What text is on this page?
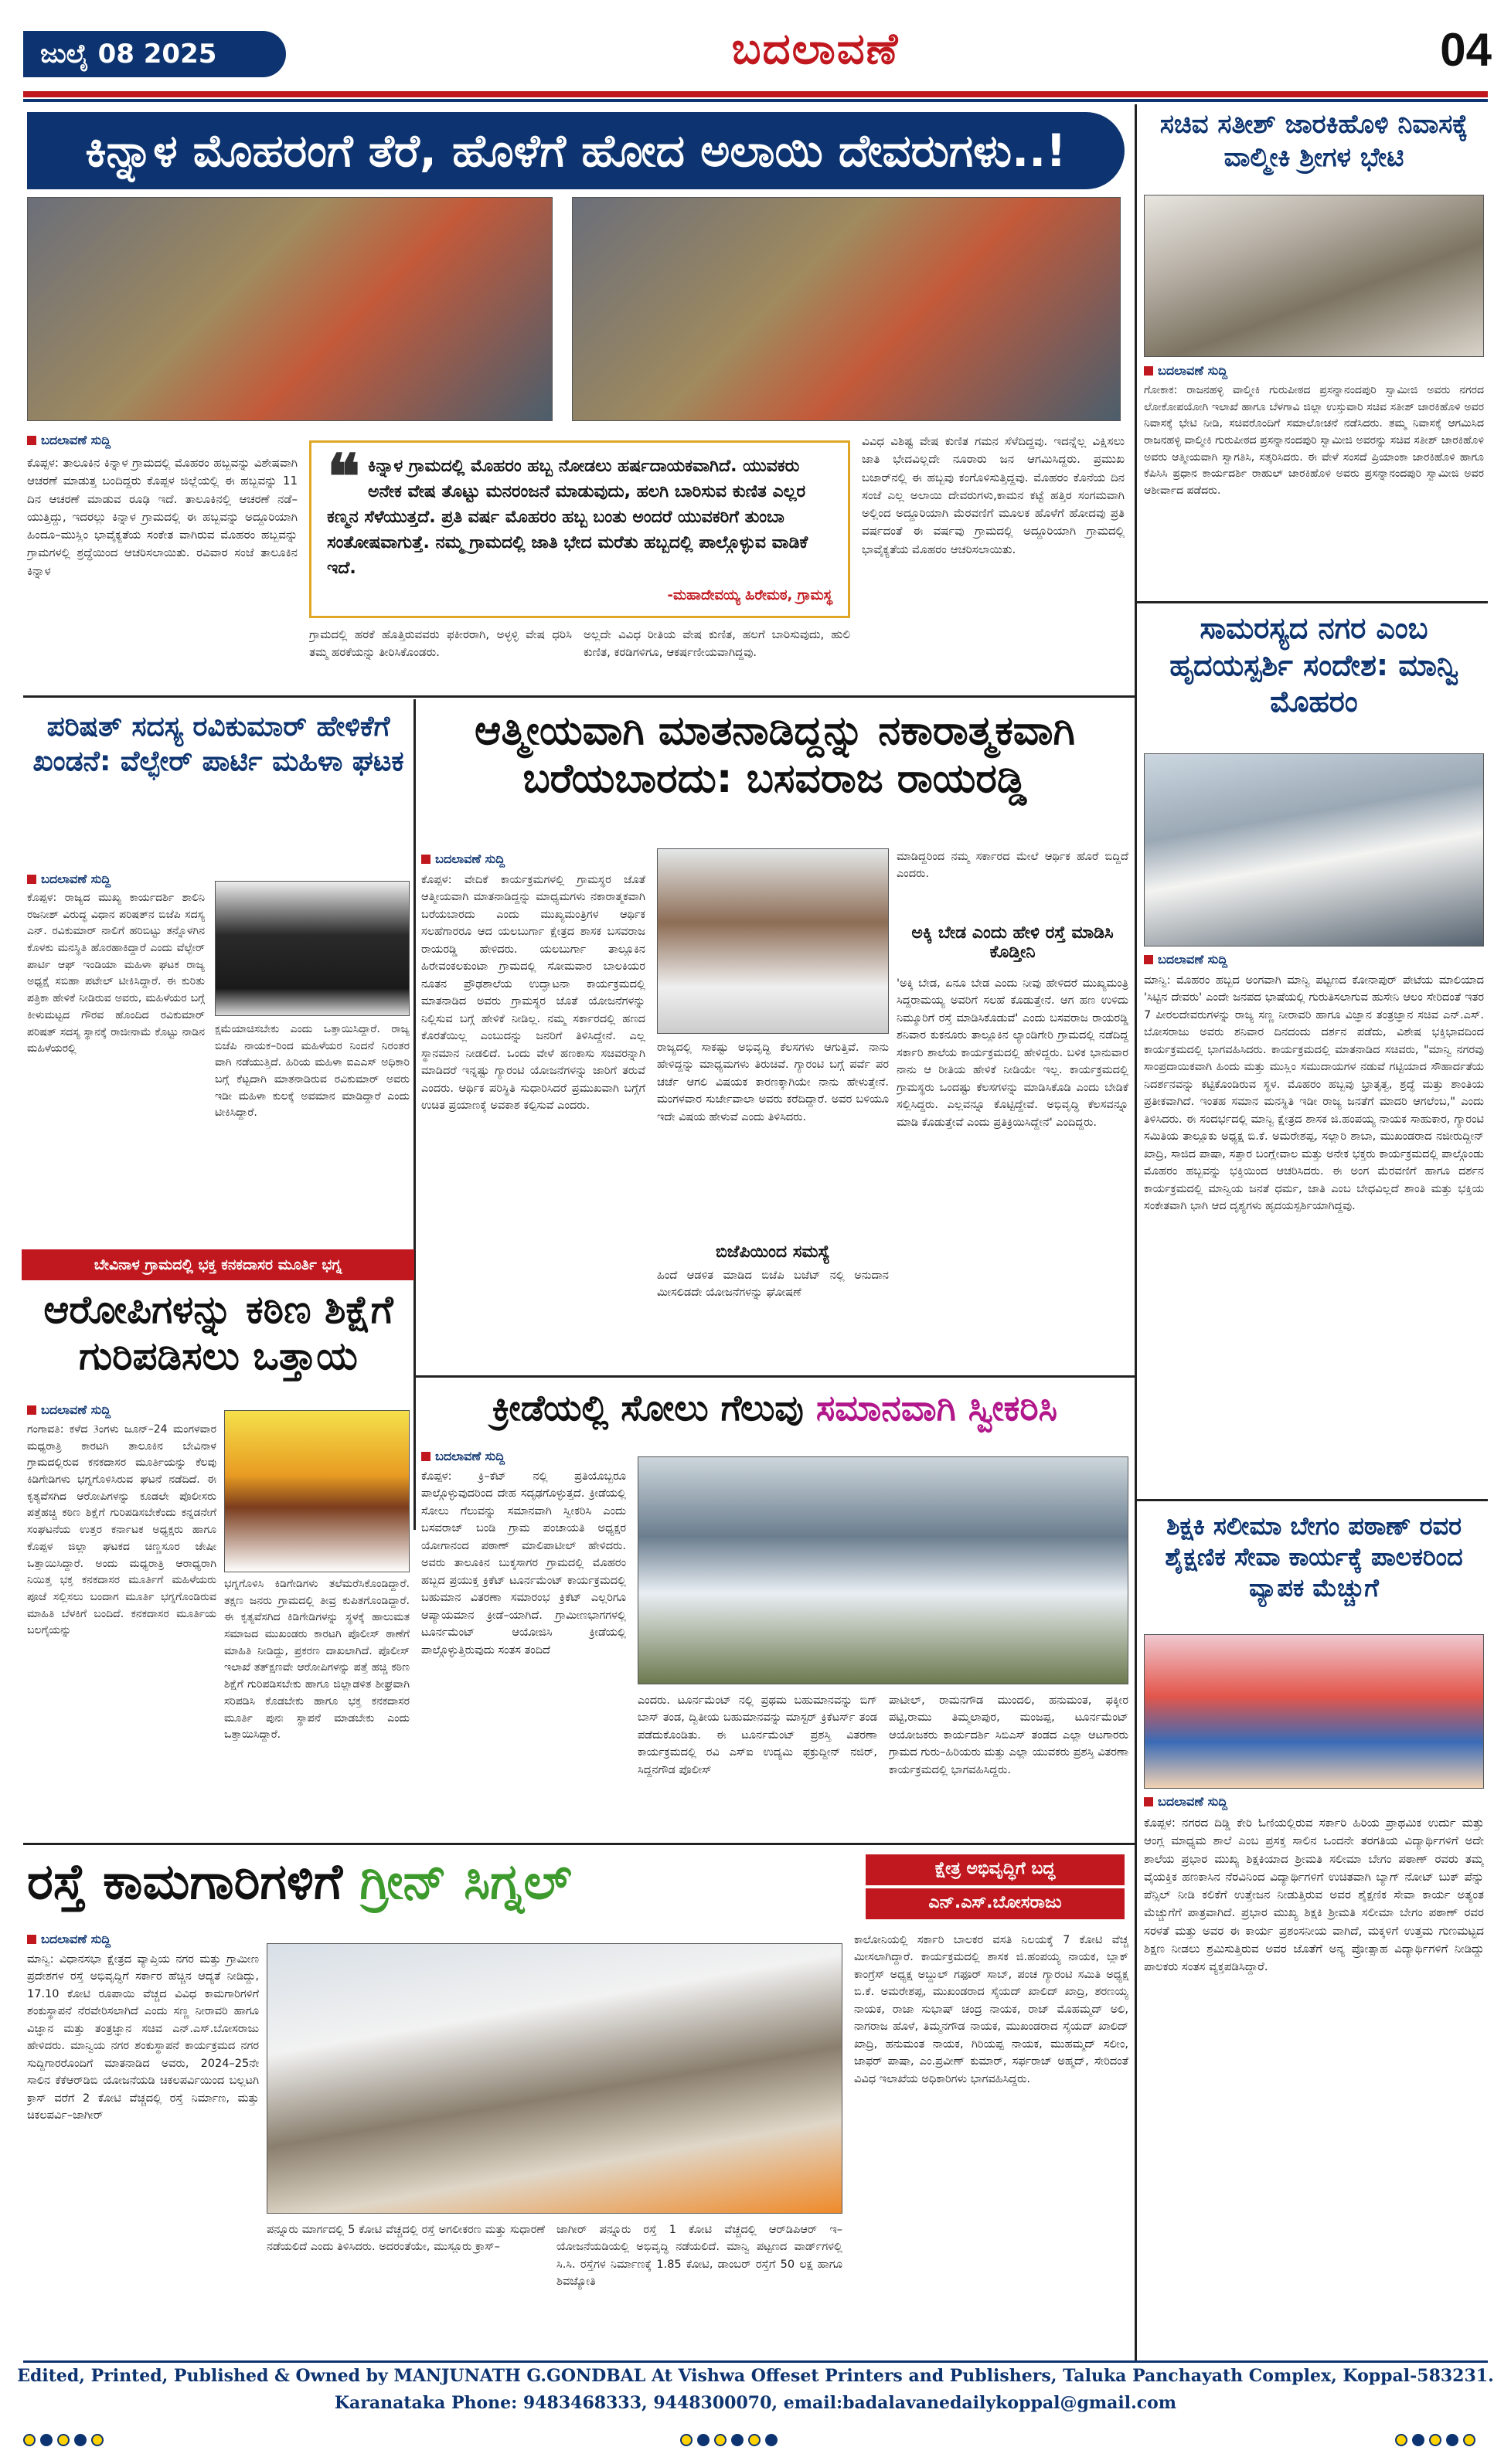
ಜುಲೈ 08 2025	ಬದಲಾವಣೆ	04
ಕಿನ್ನಾಳ ಮೊಹರಂಗೆ ತೆರೆ, ಹೊಳೆಗೆ ಹೋದ ಅಲಾಯಿ ದೇವರುಗಳು..!
ಬದಲಾವಣೆ ಸುದ್ದಿ
ಕೊಪ್ಪಳ: ತಾಲೂಕಿನ ಕಿನ್ನಾಳ ಗ್ರಾಮದಲ್ಲಿ ಮೊಹರಂ ಹಬ್ಬವನ್ನು ವಿಶೇಷವಾಗಿ ಆಚರಣೆ ಮಾಡುತ್ತ ಬಂದಿದ್ದರು ಕೊಪ್ಪಳ ಜಿಲ್ಲೆಯಲ್ಲಿ ಈ ಹಬ್ಬವನ್ನು 11 ದಿನ ಆಚರಣೆ ಮಾಡುವ ರೂಢಿ ಇದೆ. ತಾಲೂಕಿನಲ್ಲಿ ಆಚರಣೆ ನಡೆ–ಯುತ್ತಿದ್ದು, ಇದರಲ್ಲು ಕಿನ್ನಾಳ ಗ್ರಾಮದಲ್ಲಿ ಈ ಹಬ್ಬವನ್ನು ಅದ್ದೂರಿಯಾಗಿ ಹಿಂದೂ–ಮುಸ್ಲಿಂ ಭಾವೈಕ್ಯತೆಯ ಸಂಕೇತ ವಾಗಿರುವ ಮೊಹರಂ ಹಬ್ಬವನ್ನು ಗ್ರಾಮಗಳಲ್ಲಿ ಶ್ರದ್ಧೆಯಿಂದ ಆಚರಿಸಲಾಯಿತು. ರವಿವಾರ ಸಂಜೆ ತಾಲೂಕಿನ ಕಿನ್ನಾಳ
❝ ಕಿನ್ನಾಳ ಗ್ರಾಮದಲ್ಲಿ ಮೊಹರಂ ಹಬ್ಬ ನೋಡಲು ಹರ್ಷದಾಯಕವಾಗಿದೆ. ಯುವಕರು ಅನೇಕ ವೇಷ ತೊಟ್ಟು ಮನರಂಜನೆ ಮಾಡುವುದು, ಹಲಗಿ ಬಾರಿಸುವ ಕುಣಿತ ಎಲ್ಲರ ಕಣ್ಮನ ಸೆಳೆಯುತ್ತದೆ. ಪ್ರತಿ ವರ್ಷ ಮೊಹರಂ ಹಬ್ಬ ಬಂತು ಅಂದರೆ ಯುವಕರಿಗೆ ತುಂಬಾ ಸಂತೋಷವಾಗುತ್ತೆ. ನಮ್ಮ ಗ್ರಾಮದಲ್ಲಿ ಜಾತಿ ಭೇದ ಮರೆತು ಹಬ್ಬದಲ್ಲಿ ಪಾಲ್ಗೊಳ್ಳುವ ವಾಡಿಕೆ ಇದೆ.
-ಮಹಾದೇವಯ್ಯ ಹಿರೇಮಠ, ಗ್ರಾಮಸ್ಥ
ಗ್ರಾಮದಲ್ಲಿ ಹರಕೆ ಹೊತ್ತಿರುವವರು ಫಕೀರರಾಗಿ, ಅಳ್ಳಳ್ಳಿ ವೇಷ ಧರಿಸಿ ತಮ್ಮ ಹರಕೆಯನ್ನು ತೀರಿಸಿಕೊಂಡರು.
ಅಲ್ಲದೇ ವಿವಿಧ ರೀತಿಯ ವೇಷ ಕುಣಿತ, ಹಲಗೆ ಬಾರಿಸುವುದು, ಹುಲಿ ಕುಣಿತ, ಕರಡಿಗಳಿಗೂ, ಆಕರ್ಷಣೀಯವಾಗಿದ್ದವು.
ವಿವಿಧ ವಿಶಿಷ್ಟ ವೇಷ ಕುಣಿತ ಗಮನ ಸೆಳೆದಿದ್ದವು. ಇದನ್ನೆಲ್ಲ ವಿಕ್ಷಿಸಲು ಜಾತಿ ಭೇದವಿಲ್ಲದೇ ನೂರಾರು ಜನ ಆಗಮಿಸಿದ್ದರು. ಪ್ರಮುಖ ಬಜಾರ್‌ನಲ್ಲಿ ಈ ಹಬ್ಬವು ಕಂಗೊಳಿಸುತ್ತಿದ್ದವು. ಮೊಹರಂ ಕೊನೆಯ ದಿನ ಸಂಜೆ ಎಲ್ಲ ಅಲಾಯಿ ದೇವರುಗಳು,ಕಾಮನ ಕಟ್ಟೆ ಹತ್ತಿರ ಸಂಗಮವಾಗಿ ಅಲ್ಲಿಂದ ಅದ್ದೂರಿಯಾಗಿ ಮೆರವಣಿಗೆ ಮೂಲಕ ಹೊಳೆಗೆ ಹೋದವು ಪ್ರತಿ ವರ್ಷದಂತೆ ಈ ವರ್ಷವು ಗ್ರಾಮದಲ್ಲಿ ಅದ್ದೂರಿಯಾಗಿ ಗ್ರಾಮದಲ್ಲಿ ಭಾವೈಕ್ಯತೆಯ ಮೊಹರಂ ಆಚರಿಸಲಾಯಿತು.
ಸಚಿವ ಸತೀಶ್ ಜಾರಕಿಹೊಳಿ ನಿವಾಸಕ್ಕೆ ವಾಲ್ಮೀಕಿ ಶ್ರೀಗಳ ಭೇಟಿ
ಬದಲಾವಣೆ ಸುದ್ದಿ
ಗೋಕಾಕ: ರಾಜನಹಳ್ಳಿ ವಾಲ್ಮೀಕಿ ಗುರುಪೀಠದ ಪ್ರಸನ್ನಾನಂದಪುರಿ ಸ್ವಾಮೀಜಿ ಅವರು ನಗರದ ಲೋಕೋಪಯೋಗಿ ಇಲಾಖೆ ಹಾಗೂ ಬೆಳಗಾವಿ ಜಿಲ್ಲಾ ಉಸ್ತುವಾರಿ ಸಚಿವ ಸತೀಶ್ ಜಾರಕಿಹೊಳಿ ಅವರ ನಿವಾಸಕ್ಕೆ ಭೇಟಿ ನೀಡಿ, ಸಚಿವರೊಂದಿಗೆ ಸಮಾಲೋಚನೆ ನಡೆಸಿದರು. ತಮ್ಮ ನಿವಾಸಕ್ಕೆ ಆಗಮಿಸಿದ ರಾಜನಹಳ್ಳಿ ವಾಲ್ಮೀಕಿ ಗುರುಪೀಠದ ಪ್ರಸನ್ನಾನಂದಪುರಿ ಸ್ವಾಮೀಜಿ ಅವರನ್ನು ಸಚಿವ ಸತೀಶ್ ಜಾರಕಿಹೊಳಿ ಅವರು ಆತ್ಮೀಯವಾಗಿ ಸ್ವಾಗತಿಸಿ, ಸತ್ಕರಿಸಿದರು. ಈ ವೇಳೆ ಸಂಸದೆ ಪ್ರಿಯಾಂಕಾ ಜಾರಕಿಹೊಳಿ ಹಾಗೂ ಕೆಪಿಸಿಸಿ ಪ್ರಧಾನ ಕಾರ್ಯದರ್ಶಿ ರಾಹುಲ್ ಜಾರಕಿಹೊಳಿ ಅವರು ಪ್ರಸನ್ನಾನಂದಪುರಿ ಸ್ವಾಮೀಜಿ ಅವರ ಆಶೀರ್ವಾದ ಪಡೆದರು.
ಸಾಮರಸ್ಯದ ನಗರ ಎಂಬ ಹೃದಯಸ್ಪರ್ಶಿ ಸಂದೇಶ: ಮಾನ್ವಿ ಮೊಹರಂ
ಬದಲಾವಣೆ ಸುದ್ದಿ
ಮಾನ್ವಿ: ಮೊಹರಂ ಹಬ್ಬದ ಅಂಗವಾಗಿ ಮಾನ್ವಿ ಪಟ್ಟಣದ ಕೋನಾಪುರ್ ಪೇಟೆಯ ಮಾಲಿಯಾದ 'ಸಿಟ್ಟಿನ ದೇವರು' ಎಂದೇ ಜನಪದ ಭಾಷೆಯಲ್ಲಿ ಗುರುತಿಸಲಾಗುವ ಹುಸೇನಿ ಆಲಂ ಸೇರಿದಂತೆ ಇತರ 7 ಪೀರಲದೇವರುಗಳನ್ನು ರಾಜ್ಯ ಸಣ್ಣ ನೀರಾವರಿ ಹಾಗೂ ವಿಜ್ಞಾನ ತಂತ್ರಜ್ಞಾನ ಸಚಿವ ಎನ್.ಎಸ್. ಬೋಸರಾಜು ಅವರು ಶನಿವಾರ ದಿನದಂದು ದರ್ಶನ ಪಡೆದು, ವಿಶೇಷ ಭಕ್ತಿಭಾವದಿಂದ ಕಾರ್ಯಕ್ರಮದಲ್ಲಿ ಭಾಗವಹಿಸಿದರು. ಕಾರ್ಯಕ್ರಮದಲ್ಲಿ ಮಾತನಾಡಿದ ಸಚಿವರು, "ಮಾನ್ವಿ ನಗರವು ಸಾಂಪ್ರದಾಯಿಕವಾಗಿ ಹಿಂದು ಮತ್ತು ಮುಸ್ಲಿಂ ಸಮುದಾಯಗಳ ನಡುವೆ ಗಟ್ಟಿಯಾದ ಸೌಹಾರ್ದತೆಯ ನಿದರ್ಶನವನ್ನು ಕಟ್ಟಿಕೊಂಡಿರುವ ಸ್ಥಳ. ಮೊಹರಂ ಹಬ್ಬವು ಭ್ರಾತೃತ್ವ, ಶ್ರದ್ಧೆ ಮತ್ತು ಶಾಂತಿಯ ಪ್ರತೀಕವಾಗಿದೆ. ಇಂತಹ ಸಮಾನ ಮನಸ್ಥಿತಿ ಇಡೀ ರಾಜ್ಯ ಜನತೆಗೆ ಮಾದರಿ ಆಗಲೆಂಬ," ಎಂದು ತಿಳಿಸಿದರು. ಈ ಸಂದರ್ಭದಲ್ಲಿ ಮಾನ್ವಿ ಕ್ಷೇತ್ರದ ಶಾಸಕ ಜಿ.ಹಂಪಯ್ಯ ನಾಯಕ ಸಾಹುಕಾರ, ಗ್ಯಾರಂಟಿ ಸಮಿತಿಯ ತಾಲ್ಲೂಕು ಅಧ್ಯಕ್ಷ ಬಿ.ಕೆ. ಅಮರೇಶಪ್ಪ, ಸಲ್ಲಾರಿ ಶಾಬಾ, ಮುಖಂಡರಾದ ನಜೀರುದ್ದೀನ್ ಖಾದ್ರಿ, ಸಾಜಿದ ಪಾಷಾ, ಸತ್ತಾರ ಬಂಗ್ಲೇವಾಲ ಮತ್ತು ಅನೇಕ ಭಕ್ತರು ಕಾರ್ಯಕ್ರಮದಲ್ಲಿ ಪಾಲ್ಗೊಂಡು ಮೊಹರಂ ಹಬ್ಬವನ್ನು ಭಕ್ತಿಯಿಂದ ಆಚರಿಸಿದರು. ಈ ಅಂಗ ಮೆರವಣಿಗೆ ಹಾಗೂ ದರ್ಶನ ಕಾರ್ಯಕ್ರಮದಲ್ಲಿ ಮಾನ್ವಿಯ ಜನತೆ ಧರ್ಮ, ಜಾತಿ ಎಂಬ ಬೇಧವಿಲ್ಲದೆ ಶಾಂತಿ ಮತ್ತು ಭಕ್ತಿಯ ಸಂಕೇತವಾಗಿ ಭಾಗಿ ಆದ ದೃಶ್ಯಗಳು ಹೃದಯಸ್ಪರ್ಶಿಯಾಗಿದ್ದವು.
ಶಿಕ್ಷಕಿ ಸಲೀಮಾ ಬೇಗಂ ಪಠಾಣ್ ರವರ ಶೈಕ್ಷಣಿಕ ಸೇವಾ ಕಾರ್ಯಕ್ಕೆ ಪಾಲಕರಿಂದ ವ್ಯಾಪಕ ಮೆಚ್ಚುಗೆ
ಬದಲಾವಣೆ ಸುದ್ದಿ
ಕೊಪ್ಪಳ: ನಗರದ ದಿಡ್ಡಿ ಕೇರಿ ಓಣಿಯಲ್ಲಿರುವ ಸರ್ಕಾರಿ ಹಿರಿಯ ಪ್ರಾಥಮಿಕ ಉರ್ದು ಮತ್ತು ಆಂಗ್ಲ ಮಾಧ್ಯಮ ಶಾಲೆ ಎಂಬ ಪ್ರಸಕ್ತ ಸಾಲಿನ ಒಂದನೇ ತರಗತಿಯ ವಿದ್ಯಾರ್ಥಿಗಳಿಗೆ ಅದೇ ಶಾಲೆಯ ಪ್ರಭಾರ ಮುಖ್ಯ ಶಿಕ್ಷಕಿಯಾದ ಶ್ರೀಮತಿ ಸಲೀಮಾ ಬೇಗಂ ಪಠಾಣ್ ರವರು ತಮ್ಮ ವೈಯಕ್ತಿಕ ಹಣಕಾಸಿನ ನೆರವಿನಿಂದ ವಿದ್ಯಾರ್ಥಿಗಳಿಗೆ ಉಚಿತವಾಗಿ ಬ್ಯಾಗ್ ನೋಟ್ ಬುಕ್ ಪೆನ್ನು ಪೆನ್ಸಿಲ್ ನೀಡಿ ಕಲಿಕೆಗೆ ಉತ್ತೇಜನ ನೀಡುತ್ತಿರುವ ಅವರ ಶೈಕ್ಷಣಿಕ ಸೇವಾ ಕಾರ್ಯ ಅತ್ಯಂತ ಮೆಚ್ಚುಗೆಗೆ ಪಾತ್ರವಾಗಿದೆ. ಪ್ರಭಾರ ಮುಖ್ಯ ಶಿಕ್ಷಕಿ ಶ್ರೀಮತಿ ಸಲೀಮಾ ಬೇಗಂ ಪಠಾಣ್ ರವರ ಸರಳತೆ ಮತ್ತು ಅವರ ಈ ಕಾರ್ಯ ಪ್ರಶಂಸನೀಯ ವಾಗಿದೆ, ಮಕ್ಕಳಿಗೆ ಉತ್ತಮ ಗುಣಮಟ್ಟದ ಶಿಕ್ಷಣ ನೀಡಲು ಶ್ರಮಿಸುತ್ತಿರುವ ಅವರ ಜೊತೆಗೆ ಅನ್ಯ ಪ್ರೋತ್ಸಾಹ ವಿದ್ಯಾರ್ಥಿಗಳಿಗೆ ನೀಡಿದ್ದು ಪಾಲಕರು ಸಂತಸ ವ್ಯಕ್ತಪಡಿಸಿದ್ದಾರೆ.
ಪರಿಷತ್ ಸದಸ್ಯ ರವಿಕುಮಾರ್ ಹೇಳಿಕೆಗೆ ಖಂಡನೆ: ವೆಲ್ಫೇರ್ ಪಾರ್ಟಿ ಮಹಿಳಾ ಘಟಕ
ಬದಲಾವಣೆ ಸುದ್ದಿ
ಕೊಪ್ಪಳ: ರಾಜ್ಯದ ಮುಖ್ಯ ಕಾರ್ಯದರ್ಶಿ ಶಾಲಿನಿ ರಜನೀಶ್ ವಿರುದ್ಧ ವಿಧಾನ ಪರಿಷತ್‌ನ ಬಿಜೆಪಿ ಸದಸ್ಯ ಎನ್. ರವಿಕುಮಾರ್ ನಾಲಿಗೆ ಹರಿಬಿಟ್ಟು ತನ್ನೊಳಗಿನ ಕೊಳಕು ಮನಸ್ಥಿತಿ ಹೊರಹಾಕಿದ್ದಾರೆ ಎಂದು ವೆಲ್ಫೇರ್ ಪಾರ್ಟಿ ಆಫ್ ಇಂಡಿಯಾ ಮಹಿಳಾ ಘಟಕ ರಾಜ್ಯ ಅಧ್ಯಕ್ಷೆ ಸಬಿಹಾ ಪಟೇಲ್ ಟೀಕಿಸಿದ್ದಾರೆ. ಈ ಕುರಿತು ಪತ್ರಿಕಾ ಹೇಳಿಕೆ ನೀಡಿರುವ ಅವರು, ಮಹಿಳೆಯರ ಬಗ್ಗೆ ಕೀಳುಮಟ್ಟದ ಗೌರವ ಹೊಂದಿದ ರವಿಕುಮಾರ್ ಪರಿಷತ್ ಸದಸ್ಯ ಸ್ಥಾನಕ್ಕೆ ರಾಜೀನಾಮೆ ಕೊಟ್ಟು ನಾಡಿನ ಮಹಿಳೆಯರಲ್ಲಿ
ಕ್ಷಮೆಯಾಚಿಸಬೇಕು ಎಂದು ಒತ್ತಾಯಿಸಿದ್ದಾರೆ. ರಾಜ್ಯ ಬಿಜೆಪಿ ನಾಯಕ–ರಿಂದ ಮಹಿಳೆಯರ ನಿಂದನೆ ನಿರಂತರ ವಾಗಿ ನಡೆಯುತ್ತಿದೆ. ಹಿರಿಯ ಮಹಿಳಾ ಐಎಎಸ್ ಅಧಿಕಾರಿ ಬಗ್ಗೆ ಕೆಟ್ಟದಾಗಿ ಮಾತನಾಡಿರುವ ರವಿಕುಮಾರ್ ಅವರು ಇಡೀ ಮಹಿಳಾ ಕುಲಕ್ಕೆ ಅವಮಾನ ಮಾಡಿದ್ದಾರೆ ಎಂದು ಟೀಕಿಸಿದ್ದಾರೆ.
ಬೇವಿನಾಳ ಗ್ರಾಮದಲ್ಲಿ ಭಕ್ತ ಕನಕದಾಸರ ಮೂರ್ತಿ ಭಗ್ನ
ಆರೋಪಿಗಳನ್ನು ಕಠಿಣ ಶಿಕ್ಷೆಗೆ ಗುರಿಪಡಿಸಲು ಒತ್ತಾಯ
ಬದಲಾವಣೆ ಸುದ್ದಿ
ಗಂಗಾವತಿ: ಕಳೆದ 3ಂಗಳು ಜೂನ್–24 ಮಂಗಳವಾರ ಮಧ್ಯರಾತ್ರಿ ಕಾರಟಗಿ ತಾಲೂಕಿನ ಬೇವಿನಾಳ ಗ್ರಾಮದಲ್ಲಿರುವ ಕನಕದಾಸರ ಮೂರ್ತಿಯನ್ನು ಕೆಲವು ಕಿಡಿಗೇಡಿಗಳು ಭಗ್ನಗೊಳಿಸಿರುವ ಘಟನೆ ನಡೆದಿದೆ. ಈ ಕೃತ್ಯವೆಸಗಿದ ಆರೋಪಿಗಳನ್ನು ಕೂಡಲೇ ಪೊಲೀಸರು ಪತ್ತೆಹಚ್ಚಿ ಕಠಿಣ ಶಿಕ್ಷೆಗೆ ಗುರಿಪಡಿಸಬೇಕೆಂದು ಕನ್ನಡನೇಗೆ ಸಂಘಟನೆಯ ಉತ್ತರ ಕರ್ನಾಟಕ ಅಧ್ಯಕ್ಷರು ಹಾಗೂ ಕೊಪ್ಪಳ ಜಿಲ್ಲಾ ಘಟಕದ ಚಿಣ್ಣಸೂರ ಜೇಷೀ ಒತ್ತಾಯಿಸಿದ್ದಾರೆ. ಅಂದು ಮಧ್ಯರಾತ್ರಿ ಆರಾಧ್ಯರಾಗಿ ನಿಯಿತ್ತ ಭಕ್ತ ಕನಕದಾಸರ ಮೂರ್ತಿಗೆ ಮಹಿಳೆಯರು ಪೂಜೆ ಸಲ್ಲಿಸಲು ಬಂದಾಗ ಮೂರ್ತಿ ಭಗ್ನಗೊಂಡಿರುವ ಮಾಹಿತಿ ಬೆಳಕಿಗೆ ಬಂದಿದೆ. ಕನಕದಾಸರ ಮೂರ್ತಿಯ ಬಲಗೈಯನ್ನು
ಭಗ್ನಗೊಳಿಸಿ ಕಿಡಿಗೇಡಿಗಳು ತಲೆಮರೆಸಿಕೊಂಡಿದ್ದಾರೆ. ತಕ್ಷಣ ಜನರು ಗ್ರಾಮದಲ್ಲಿ ತೀವ್ರ ಕುಪಿತಗೊಂಡಿದ್ದಾರೆ. ಈ ಕೃತ್ಯವೆಸಗಿದ ಕಿಡಿಗೇಡಿಗಳನ್ನು ಸ್ಥಳಕ್ಕೆ ಹಾಲುಮತ ಸಮಾಜದ ಮುಖಂಡರು ಕಾರಟಗಿ ಪೊಲೀಸ್ ಠಾಣೆಗೆ ಮಾಹಿತಿ ನೀಡಿದ್ದು, ಪ್ರಕರಣ ದಾಖಲಾಗಿದೆ. ಪೊಲೀಸ್ ಇಲಾಖೆ ತತ್ಕ್ಷಣವೇ ಆರೋಪಿಗಳನ್ನು ಪತ್ತೆ ಹಚ್ಚಿ ಕಠಿಣ ಶಿಕ್ಷೆಗೆ ಗುರಿಪಡಿಸಬೇಕು ಹಾಗೂ ಜಿಲ್ಲಾಡಳಿತ ಶೀಘ್ರವಾಗಿ ಸರಿಪಡಿಸಿ ಕೊಡಬೇಕು ಹಾಗೂ ಭಕ್ತ ಕನಕದಾಸರ ಮೂರ್ತಿ ಪುನಃ ಸ್ಥಾಪನೆ ಮಾಡಬೇಕು ಎಂದು ಒತ್ತಾಯಿಸಿದ್ದಾರೆ.
ಆತ್ಮೀಯವಾಗಿ ಮಾತನಾಡಿದ್ದನ್ನು ನಕಾರಾತ್ಮಕವಾಗಿ ಬರೆಯಬಾರದು: ಬಸವರಾಜ ರಾಯರಡ್ಡಿ
ಬದಲಾವಣೆ ಸುದ್ದಿ
ಕೊಪ್ಪಳ: ವೇದಿಕೆ ಕಾರ್ಯಕ್ರಮಗಳಲ್ಲಿ ಗ್ರಾಮಸ್ಥರ ಜೊತೆ ಆತ್ಮೀಯವಾಗಿ ಮಾತನಾಡಿದ್ದನ್ನು ಮಾಧ್ಯಮಗಳು ನಕಾರಾತ್ಮಕವಾಗಿ ಬರೆಯಬಾರದು ಎಂದು ಮುಖ್ಯಮಂತ್ರಿಗಳ ಆರ್ಥಿಕ ಸಲಹೆಗಾರರೂ ಆದ ಯಲಬುರ್ಗಾ ಕ್ಷೇತ್ರದ ಶಾಸಕ ಬಸವರಾಜ ರಾಯರಡ್ಡಿ ಹೇಳಿದರು. ಯಲಬುರ್ಗಾ ತಾಲ್ಲೂಕಿನ ಹಿರೇವಂಕಲಕುಂಟಾ ಗ್ರಾಮದಲ್ಲಿ ಸೋಮವಾರ ಬಾಲಕಿಯರ ನೂತನ ಪ್ರೌಢಶಾಲೆಯ ಉದ್ಘಾಟನಾ ಕಾರ್ಯಕ್ರಮದಲ್ಲಿ ಮಾತನಾಡಿದ ಅವರು ಗ್ರಾಮಸ್ಥರ ಜೊತೆ ಯೋಜನೆಗಳನ್ನು ನಿಲ್ಲಿಸುವ ಬಗ್ಗೆ ಹೇಳಿಕೆ ನೀಡಿಲ್ಲ. ನಮ್ಮ ಸರ್ಕಾರದಲ್ಲಿ ಹಣದ ಕೊರತೆಯಿಲ್ಲ ಎಂಬುದನ್ನು ಜನರಿಗೆ ತಿಳಿಸಿದ್ದೇನೆ. ಎಲ್ಲ ಸ್ಥಾನಮಾನ ನೀಡಲಿದೆ. ಒಂದು ವೇಳೆ ಹಣಕಾಸು ಸಚಿವರನ್ನಾಗಿ ಮಾಡಿದರೆ ಇನ್ನಷ್ಟು ಗ್ಯಾರಂಟಿ ಯೋಜನೆಗಳನ್ನು ಜಾರಿಗೆ ತರುವೆ ಎಂದರು. ಆರ್ಥಿಕ ಪರಿಸ್ಥಿತಿ ಸುಧಾರಿಸಿದರೆ ಪ್ರಮುಖವಾಗಿ ಬಗ್ಗೆಗೆ ಉಚಿತ ಪ್ರಯಾಣಕ್ಕೆ ಅವಕಾಶ ಕಲ್ಪಿಸುವೆ ಎಂದರು.
ರಾಜ್ಯದಲ್ಲಿ ಸಾಕಷ್ಟು ಅಭಿವೃದ್ಧಿ ಕೆಲಸಗಳು ಆಗುತ್ತಿವೆ. ನಾನು ಹೇಳಿದ್ದನ್ನು ಮಾಧ್ಯಮಗಳು ತಿರುಚಿವೆ. ಗ್ಯಾರಂಟಿ ಬಗ್ಗೆ ಪರ್ವೆ ಪರ ಚರ್ಚೆ ಆಗಲಿ ವಿಷಯಕ ಕಾರಣಕ್ಕಾಗಿಯೇ ನಾನು ಹೇಳುತ್ತೇನೆ. ಮಂಗಳವಾರ ಸುರ್ಜೇವಾಲಾ ಅವರು ಕರೆದಿದ್ದಾರೆ. ಅವರ ಬಳಿಯೂ ಇದೇ ವಿಷಯ ಹೇಳುವೆ ಎಂದು ತಿಳಿಸಿದರು.
ಬಿಜೆಪಿಯಿಂದ ಸಮಸ್ಯೆ
ಹಿಂದೆ ಆಡಳಿತ ಮಾಡಿದ ಬಿಜೆಪಿ ಬಜೆಟ್ ನಲ್ಲಿ ಅನುದಾನ ಮೀಸಲಿಡದೇ ಯೋಜನೆಗಳನ್ನು ಘೋಷಣೆ
ಮಾಡಿದ್ದರಿಂದ ನಮ್ಮ ಸರ್ಕಾರದ ಮೇಲೆ ಆರ್ಥಿಕ ಹೊರೆ ಬಿದ್ದಿದೆ ಎಂದರು.
ಅಕ್ಕಿ ಬೇಡ ಎಂದು ಹೇಳಿ ರಸ್ತೆ ಮಾಡಿಸಿ ಕೊಡ್ತೀನಿ
'ಅಕ್ಕಿ ಬೇಡ, ಏನೂ ಬೇಡ ಎಂದು ನೀವು ಹೇಳಿದರೆ ಮುಖ್ಯಮಂತ್ರಿ ಸಿದ್ದರಾಮಯ್ಯ ಅವರಿಗೆ ಸಲಹೆ ಕೊಡುತ್ತೇನೆ. ಆಗ ಹಣ ಉಳಿದು ನಿಮ್ಮೂರಿಗೆ ರಸ್ತೆ ಮಾಡಿಸಿಕೊಡುವೆ' ಎಂದು ಬಸವರಾಜ ರಾಯರಡ್ಡಿ ಶನಿವಾರ ಕುಕನೂರು ತಾಲ್ಲೂಕಿನ ಲ್ಯಾಂಡಿಗೇರಿ ಗ್ರಾಮದಲ್ಲಿ ನಡೆದಿದ್ದ ಸರ್ಕಾರಿ ಶಾಲೆಯ ಕಾರ್ಯಕ್ರಮದಲ್ಲಿ ಹೇಳಿದ್ದರು. ಬಳಿಕ ಭಾನುವಾರ ನಾನು ಆ ರೀತಿಯ ಹೇಳಿಕೆ ನೀಡಿಯೇ ಇಲ್ಲ. ಕಾರ್ಯಕ್ರಮದಲ್ಲಿ ಗ್ರಾಮಸ್ಥರು ಒಂದಷ್ಟು ಕೆಲಸಗಳನ್ನು ಮಾಡಿಸಿಕೊಡಿ ಎಂದು ಬೇಡಿಕೆ ಸಲ್ಲಿಸಿದ್ದರು. ಎಲ್ಲವನ್ನೂ ಕೊಟ್ಟಿದ್ದೇವೆ. ಅಭಿವೃದ್ಧಿ ಕೆಲಸವನ್ನೂ ಮಾಡಿ ಕೊಡುತ್ತೇವೆ ಎಂದು ಪ್ರತಿಕ್ರಿಯಿಸಿದ್ದೇನೆ' ಎಂದಿದ್ದರು.
ಕ್ರೀಡೆಯಲ್ಲಿ ಸೋಲು ಗೆಲುವು ಸಮಾನವಾಗಿ ಸ್ವೀಕರಿಸಿ
ಬದಲಾವಣೆ ಸುದ್ದಿ
ಕೊಪ್ಪಳ: ಕ್ರಿ–ಕೆಟ್ ನಲ್ಲಿ ಪ್ರತಿಯೊಬ್ಬರೂ ಪಾಲ್ಗೊಳ್ಳುವುದರಿಂದ ದೇಹ ಸದೃಢಗೊಳ್ಳುತ್ತದೆ. ಕ್ರೀಡೆಯಲ್ಲಿ ಸೋಲು ಗೆಲುವನ್ನು ಸಮಾನವಾಗಿ ಸ್ವೀಕರಿಸಿ ಎಂದು ಬಸವರಾಜ್ ಬಂಡಿ ಗ್ರಾಮ ಪಂಚಾಯತಿ ಅಧ್ಯಕ್ಷರ ಯೋಗಾನಂದ ಪಠಾಣ್ ಮಾಲಿಪಾಟೀಲ್ ಹೇಳಿದರು. ಅವರು ತಾಲೂಕಿನ ಬುಕ್ಕಸಾಗರ ಗ್ರಾಮದಲ್ಲಿ ಮೊಹರಂ ಹಬ್ಬದ ಪ್ರಯುಕ್ತ ಕ್ರಿಕೆಟ್ ಟೂರ್ನಮೆಂಟ್ ಕಾರ್ಯಕ್ರಮದಲ್ಲಿ ಬಹುಮಾನ ವಿತರಣಾ ಸಮಾರಂಭ ಕ್ರಿಕೆಟ್ ಎಲ್ಲರಿಗೂ ಆಪ್ಯಾಯಮಾನ ಕ್ರೀಡೆ–ಯಾಗಿದೆ. ಗ್ರಾಮೀಣಭಾಗಗಳಲ್ಲಿ ಟೂರ್ನಮೆಂಟ್ ಆಯೋಜಿಸಿ ಕ್ರೀಡೆಯಲ್ಲಿ ಪಾಲ್ಗೊಳ್ಳುತ್ತಿರುವುದು ಸಂತಸ ತಂದಿದೆ
ಎಂದರು. ಟೂರ್ನಮೆಂಟ್ ನಲ್ಲಿ ಪ್ರಥಮ ಬಹುಮಾನವನ್ನು ಬಿಗ್ ಬಾಸ್ ತಂಡ, ದ್ವಿತೀಯ ಬಹುಮಾನವನ್ನು ಮಾಸ್ಟರ್ ಕ್ರಿಕೆಟರ್ಸ್ ತಂಡ ಪಡೆದುಕೊಂಡಿತು. ಈ ಟೂರ್ನಮೆಂಟ್ ಪ್ರಶಸ್ತಿ ವಿತರಣಾ ಕಾರ್ಯಕ್ರಮದಲ್ಲಿ ರವಿ ಎಸ್ಐ ಉದ್ಯಮಿ ಫಕ್ರುದ್ದೀನ್ ನಜಿರ್, ಸಿದ್ದನಗೌಡ ಪೊಲೀಸ್
ಪಾಟೀಲ್, ರಾಮನಗೌಡ ಮುಂದಲಿ, ಹನುಮಂತ, ಫಕ್ಕೀರ ಪಟ್ಟಿ,ರಾಮು ತಿಮ್ಮಲಾಪುರ, ಮಂಜಪ್ಪ, ಟೂರ್ನಮೆಂಟ್ ಆಯೋಜಕರು ಕಾರ್ಯದರ್ಶಿ ಸಿಬಿಎಸ್ ತಂಡದ ಎಲ್ಲಾ ಆಟಗಾರರು ಗ್ರಾಮದ ಗುರು–ಹಿರಿಯರು ಮತ್ತು ಎಲ್ಲಾ ಯುವಕರು ಪ್ರಶಸ್ತಿ ವಿತರಣಾ ಕಾರ್ಯಕ್ರಮದಲ್ಲಿ ಭಾಗವಹಿಸಿದ್ದರು.
ರಸ್ತೆ ಕಾಮಗಾರಿಗಳಿಗೆ ಗ್ರೀನ್ ಸಿಗ್ನಲ್	ಕ್ಷೇತ್ರ ಅಭಿವೃದ್ಧಿಗೆ ಬದ್ಧ
ಎನ್.ಎಸ್.ಬೋಸರಾಜು
ಬದಲಾವಣೆ ಸುದ್ದಿ
ಮಾನ್ವಿ: ವಿಧಾನಸಭಾ ಕ್ಷೇತ್ರದ ವ್ಯಾಪ್ತಿಯ ನಗರ ಮತ್ತು ಗ್ರಾಮೀಣ ಪ್ರದೇಶಗಳ ರಸ್ತೆ ಅಭಿವೃದ್ಧಿಗೆ ಸರ್ಕಾರ ಹೆಚ್ಚಿನ ಆದ್ಯತೆ ನೀಡಿದ್ದು, 17.10 ಕೋಟಿ ರೂಪಾಯಿ ವೆಚ್ಚದ ವಿವಿಧ ಕಾಮಗಾರಿಗಳಿಗೆ ಶಂಕುಸ್ಥಾಪನೆ ನೆರವೇರಿಸಲಾಗಿದೆ ಎಂದು ಸಣ್ಣ ನೀರಾವರಿ ಹಾಗೂ ವಿಜ್ಞಾನ ಮತ್ತು ತಂತ್ರಜ್ಞಾನ ಸಚಿವ ಎನ್.ಎಸ್.ಬೋಸರಾಜು ಹೇಳಿದರು. ಮಾನ್ವಿಯ ನಗರ ಶಂಕುಸ್ಥಾಪನೆ ಕಾರ್ಯಕ್ರಮದ ನಗರ ಸುದ್ದಿಗಾರರೊಂದಿಗೆ ಮಾತನಾಡಿದ ಅವರು, 2024–25ನೇ ಸಾಲಿನ ಕೆಕೆಆರ್‌ಡಿಬಿ ಯೋಜನೆಯಡಿ ಚಿಕಲಪರ್ವಿಯಿಂದ ಬಲ್ಲಟಗಿ ಕ್ರಾಸ್ ವರೆಗೆ 2 ಕೋಟಿ ವೆಚ್ಚದಲ್ಲಿ ರಸ್ತೆ ನಿರ್ಮಾಣ, ಮತ್ತು ಚಿಕಲಪರ್ವಿ–ಜಾಗೀರ್
ಪನ್ನೂರು ಮಾರ್ಗದಲ್ಲಿ 5 ಕೋಟಿ ವೆಚ್ಚದಲ್ಲಿ ರಸ್ತೆ ಅಗಲೀಕರಣ ಮತ್ತು ಸುಧಾರಣೆ ನಡೆಯಲಿದೆ ಎಂದು ತಿಳಿಸಿದರು. ಅದರಂತೆಯೇ, ಮುಸ್ಲೂರು ಕ್ರಾಸ್–
ಜಾಗೀರ್ ಪನ್ನೂರು ರಸ್ತೆ 1 ಕೋಟಿ ವೆಚ್ಚದಲ್ಲಿ ಆರ್‌ಡಿಪಿಆರ್ ಇ–ಯೋಜನೆಯಡಿಯಲ್ಲಿ ಅಭಿವೃದ್ಧಿ ನಡೆಯಲಿದೆ. ಮಾನ್ವಿ ಪಟ್ಟಣದ ವಾರ್ಡ್‌ಗಳಲ್ಲಿ ಸಿ.ಸಿ. ರಸ್ತೆಗಳ ನಿರ್ಮಾಣಕ್ಕೆ 1.85 ಕೋಟಿ, ಡಾಂಬರ್ ರಸ್ತೆಗೆ 50 ಲಕ್ಷ ಹಾಗೂ ಶಿವಜ್ಯೋತಿ
ಕಾಲೋನಿಯಲ್ಲಿ ಸರ್ಕಾರಿ ಬಾಲಕರ ವಸತಿ ನಿಲಯಕ್ಕೆ 7 ಕೋಟಿ ವೆಚ್ಚ ಮೀಸಲಾಗಿದ್ದಾರೆ. ಕಾರ್ಯಕ್ರಮದಲ್ಲಿ ಶಾಸಕ ಜಿ.ಹಂಪಯ್ಯ ನಾಯಕ, ಬ್ಲಾಕ್ ಕಾಂಗ್ರೆಸ್ ಅಧ್ಯಕ್ಷ ಅಬ್ದುಲ್ ಗಫೂರ್ ಸಾಬ್, ಪಂಚ ಗ್ಯಾರಂಟಿ ಸಮಿತಿ ಅಧ್ಯಕ್ಷ ಬಿ.ಕೆ. ಅಮರೇಶಪ್ಪ, ಮುಖಂಡರಾದ ಸೈಯದ್ ಖಾಲಿದ್ ಖಾದ್ರಿ, ಶರಣಯ್ಯ ನಾಯಕ, ರಾಜಾ ಸುಭಾಷ್ ಚಂದ್ರ ನಾಯಕ, ರಾಜ್ ಮೊಹಮ್ಮದ್ ಅಲಿ, ನಾಗರಾಜ ಹೊಳೆ, ತಿಮ್ಮನಗೌಡ ನಾಯಕ, ಮುಖಂಡರಾದ ಸೈಯದ್ ಖಾಲಿದ್ ಖಾದ್ರಿ, ಹನುಮಂತ ನಾಯಕ, ಗಿರಿಯಪ್ಪ ನಾಯಕ, ಮುಹಮ್ಮದ್ ಸಲೀಂ, ಜಾಫರ್ ಪಾಷಾ, ಎಂ.ಪ್ರವೀಣ್ ಕುಮಾರ್, ಸರ್ಫರಾಜ್ ಅಹ್ಮದ್, ಸೇರಿದಂತೆ ವಿವಿಧ ಇಲಾಖೆಯ ಅಧಿಕಾರಿಗಳು ಭಾಗವಹಿಸಿದ್ದರು.
Edited, Printed, Published & Owned by MANJUNATH G.GONDBAL At Vishwa Offeset Printers and Publishers, Taluka Panchayath Complex, Koppal-583231.
Karanataka Phone: 9483468333, 9448300070, email:badalavanedailykoppal@gmail.com
